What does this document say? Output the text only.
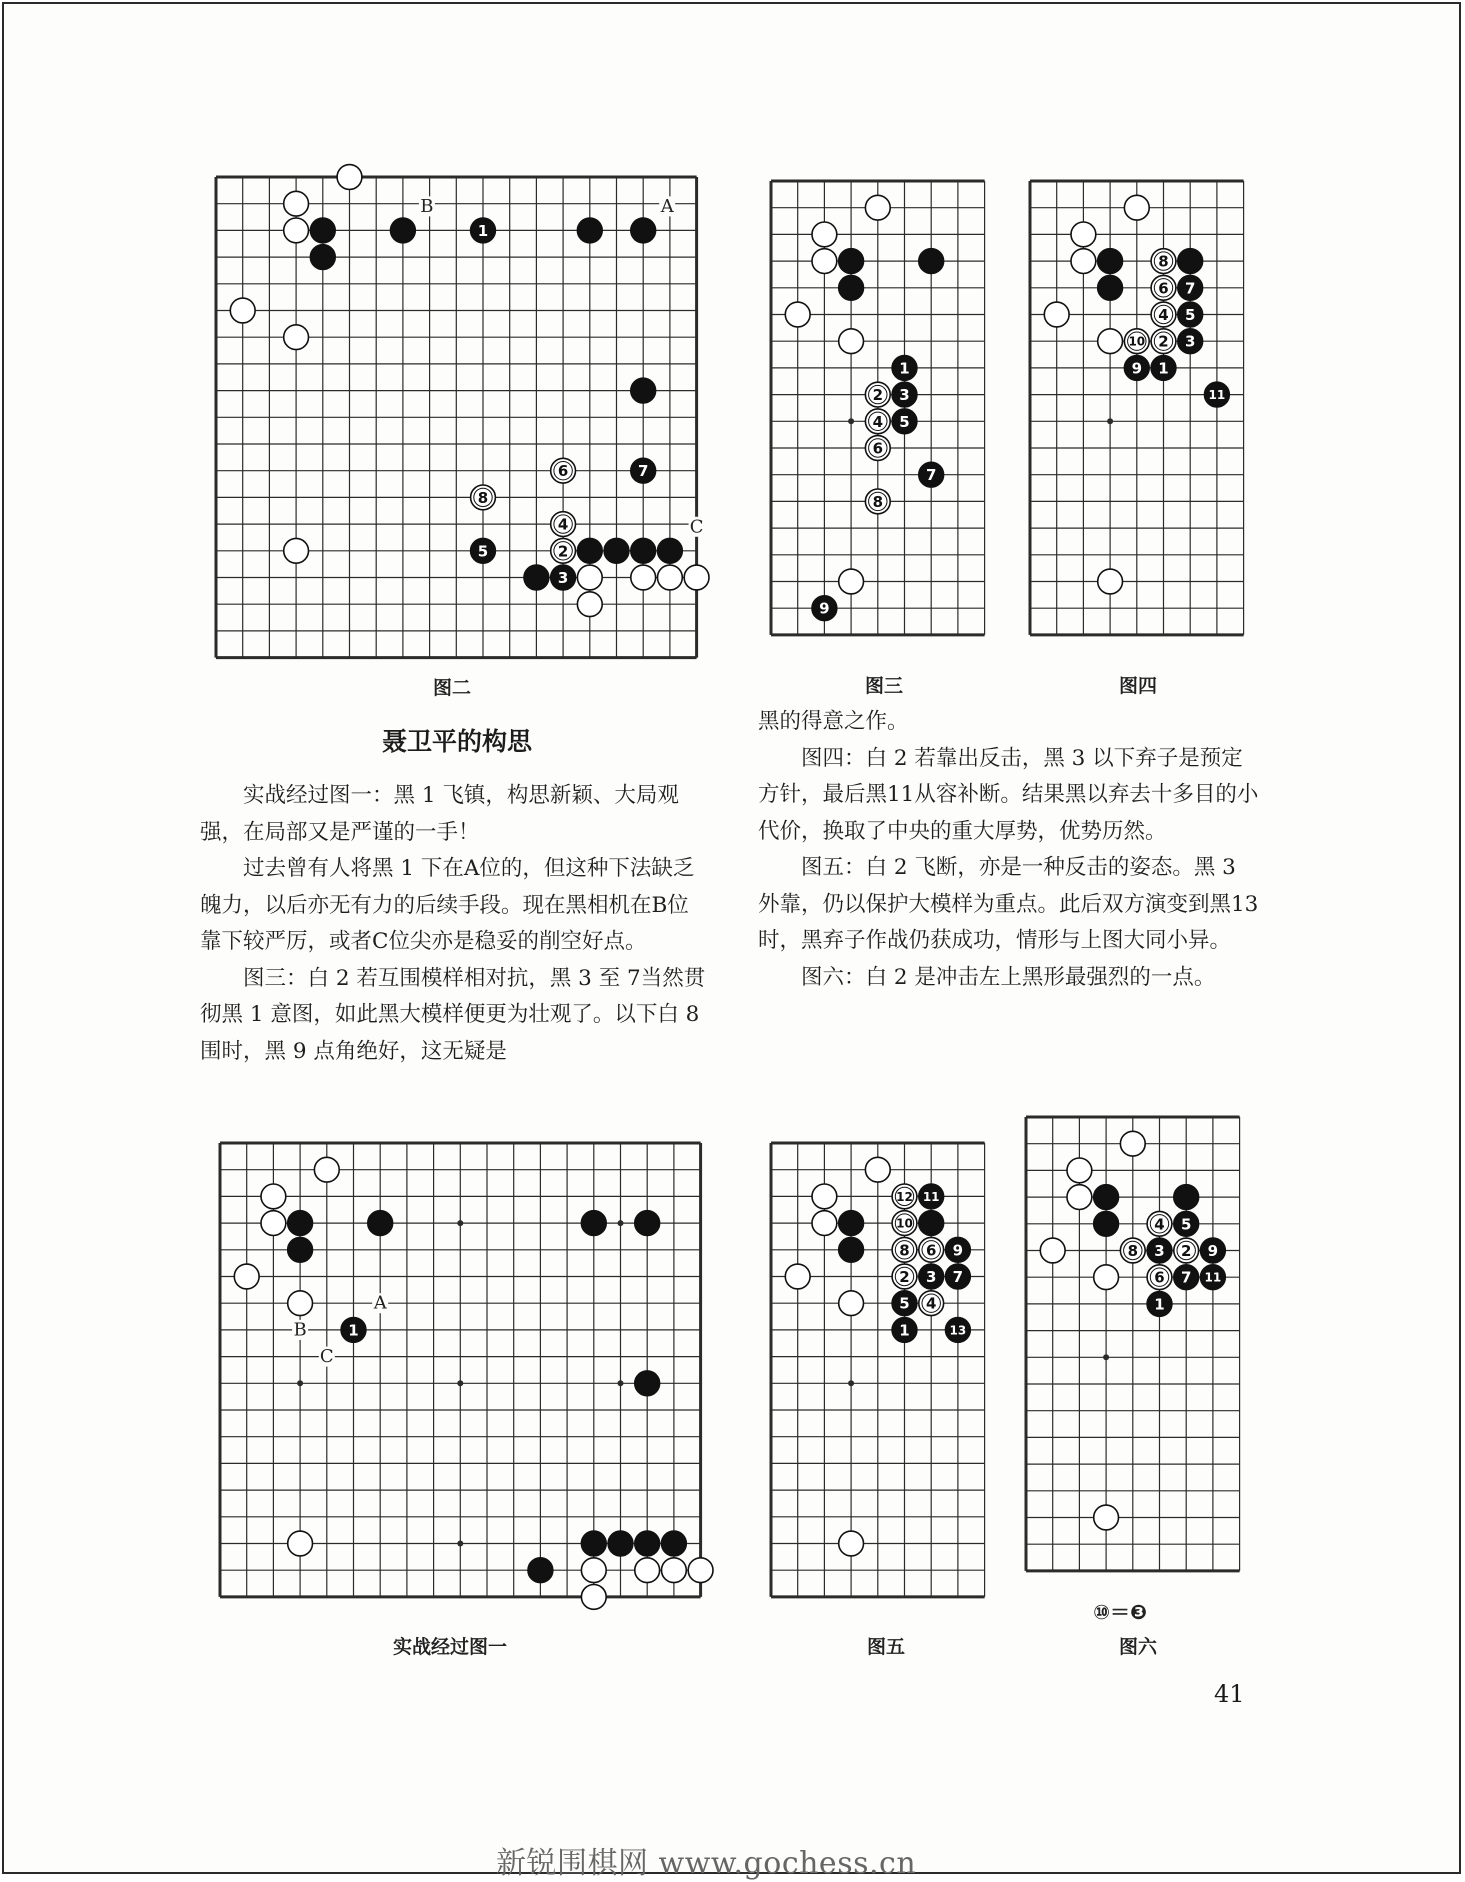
1
7
6
8
4
5	2
3
B	A
C
1
2 3
4 5
6
7
8
9
8
6 7
4 5
10 2 3
9 1
11
1
A
B
C
12 11
10
8 6 9
2 3 7
5 4
1	13
4 5
8 3 2 9
6 7 11
1
图二	图三	图四
实战经过图一	图五	图六
⑩＝❸
聂卫平的构思

实战经过图一：黑 1 飞镇，构思新颖、大局观强，在局部又是严谨的一手！

过去曾有人将黑 1 下在A位的，但这种下法缺乏魄力，以后亦无有力的后续手段。现在黑相机在B位靠下较严厉，或者C位尖亦是稳妥的削空好点。

图三：白 2 若互围模样相对抗，黑 3 至 7当然贯彻黑 1 意图，如此黑大模样便更为壮观了。以下白 8 围时，黑 9 点角绝好，这无疑是

黑的得意之作。

图四：白 2 若靠出反击，黑 3 以下弃子是预定方针，最后黑11从容补断。结果黑以弃去十多目的小代价，换取了中央的重大厚势，优势历然。

图五：白 2 飞断，亦是一种反击的姿态。黑 3 外靠，仍以保护大模样为重点。此后双方演变到黑13时，黑弃子作战仍获成功，情形与上图大同小异。

图六：白 2 是冲击左上黑形最强烈的一点。

41
新锐围棋网 www.gochess.cn
